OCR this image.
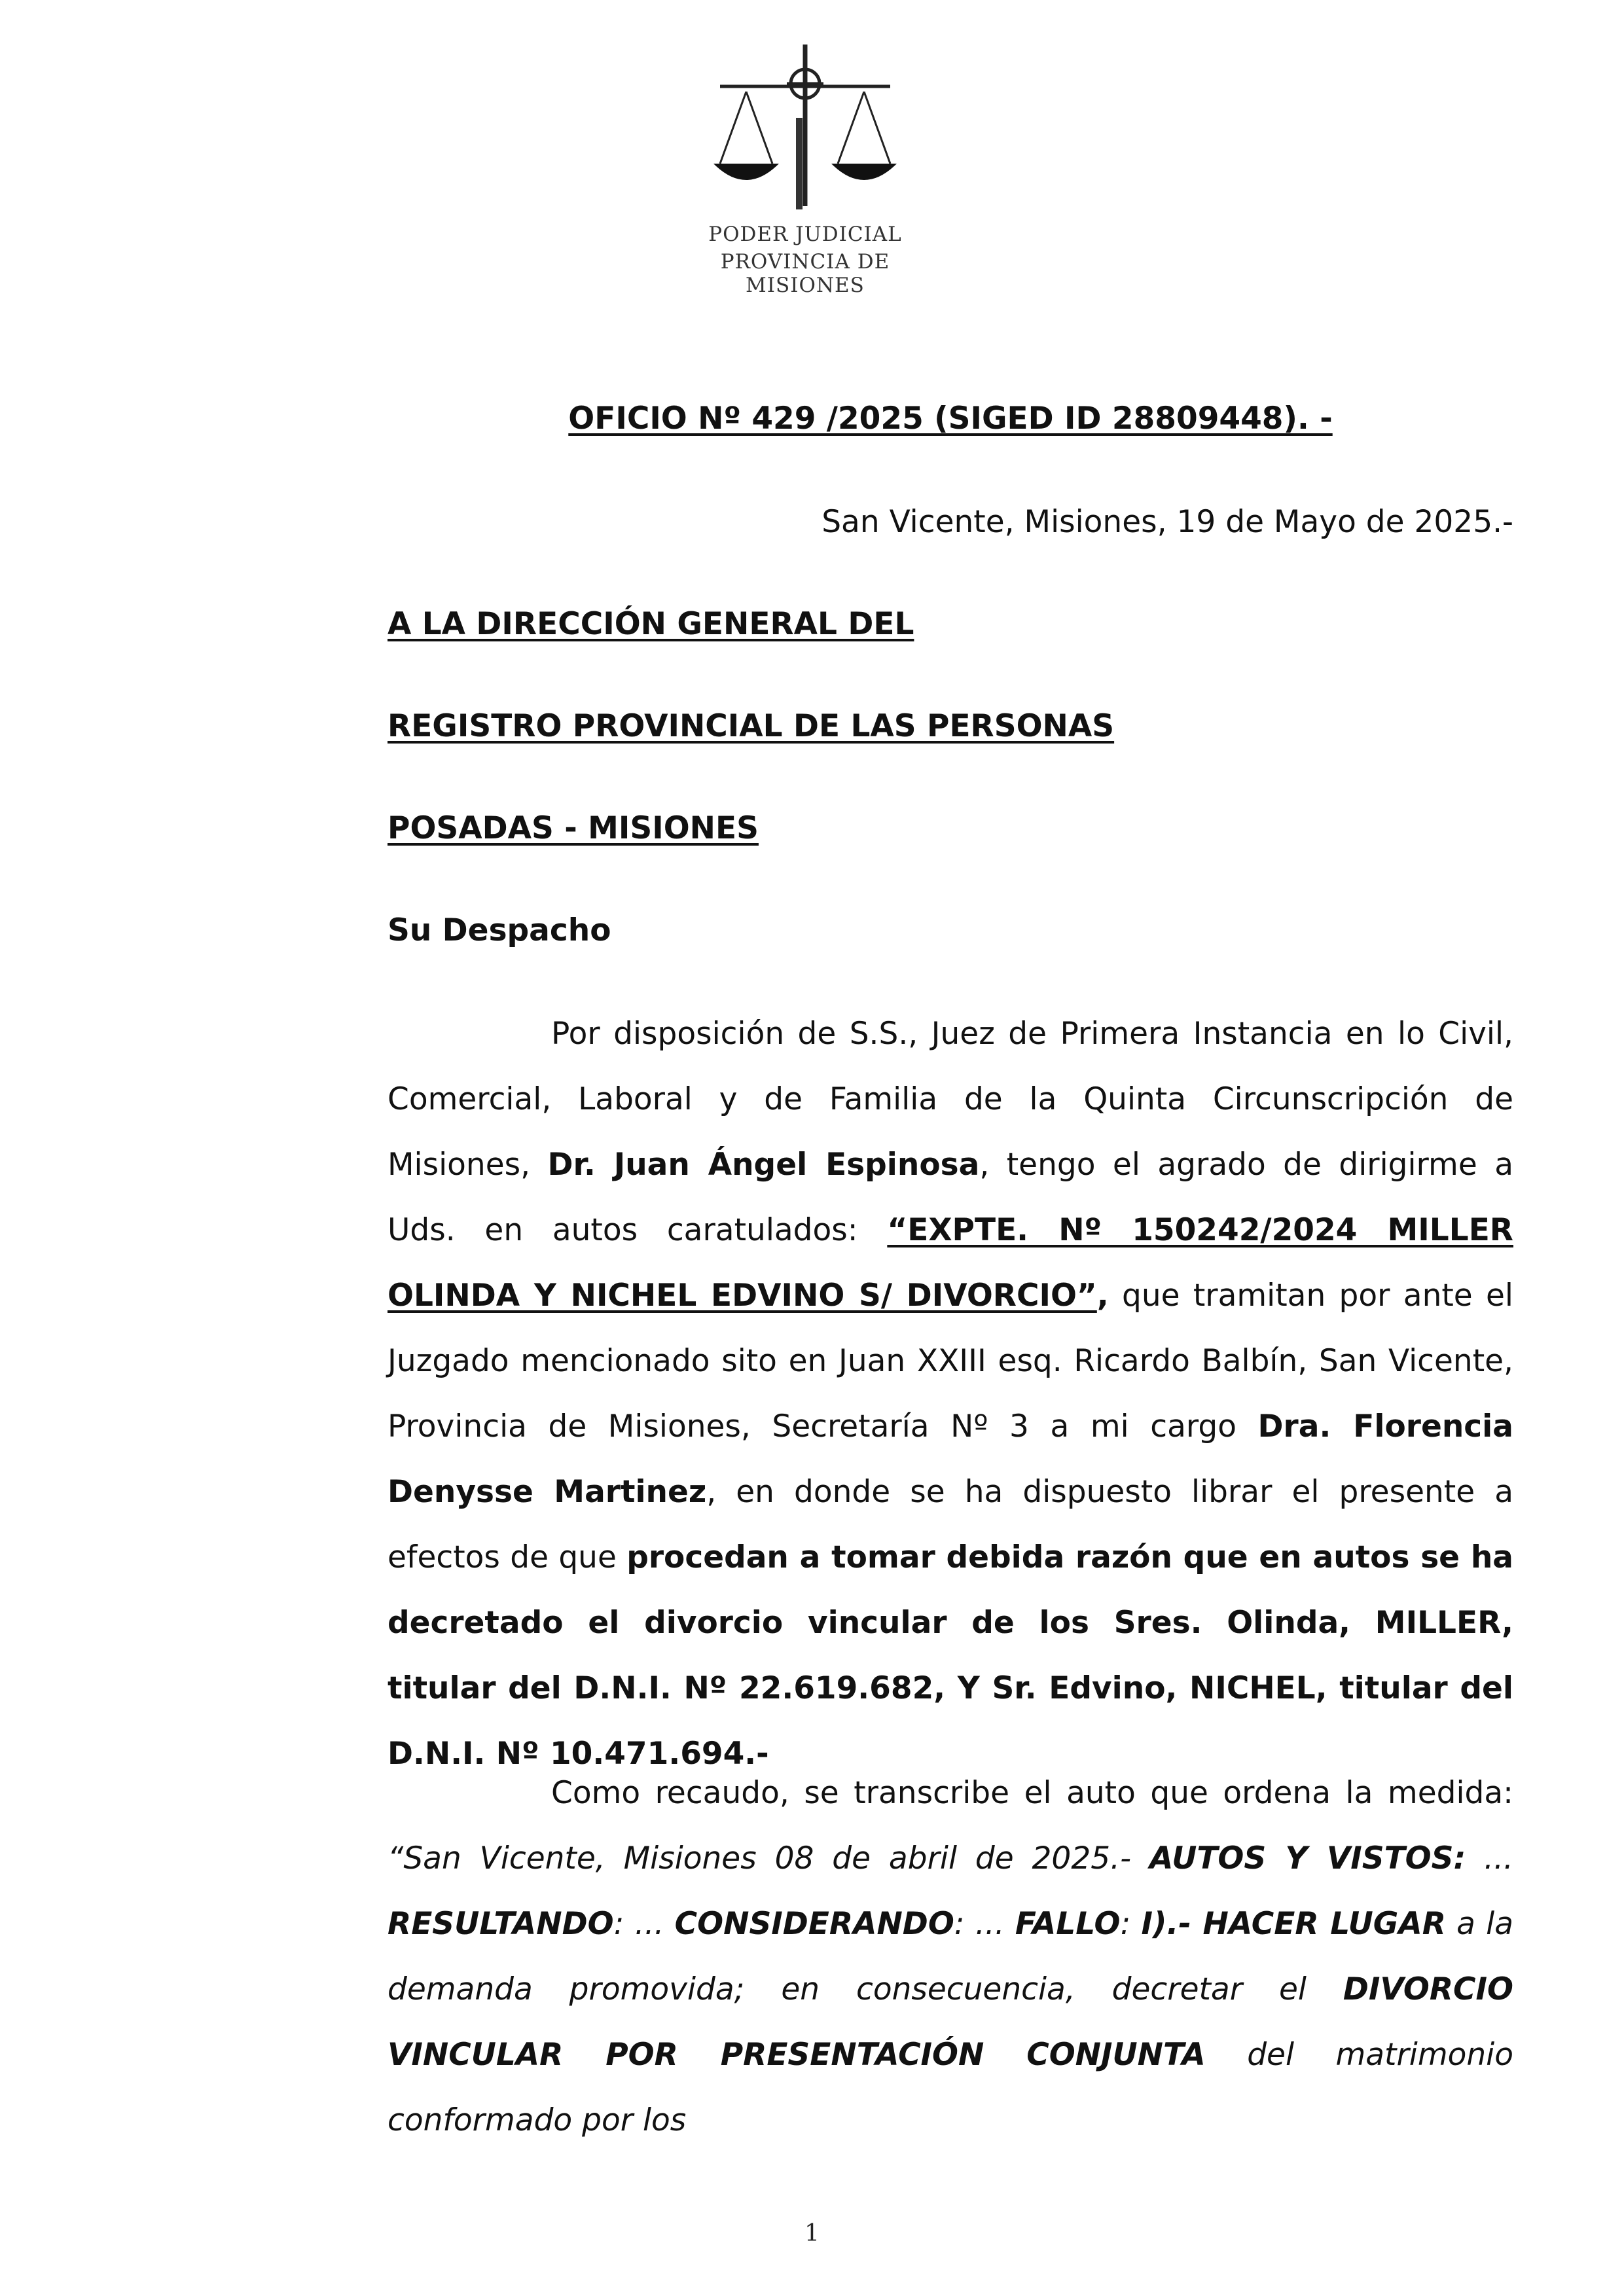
PODER JUDICIAL
PROVINCIA DE MISIONES
OFICIO Nº 429 /2025 (SIGED ID 28809448). -
San Vicente, Misiones, 19 de Mayo de 2025.-
A LA DIRECCIÓN GENERAL DEL
REGISTRO PROVINCIAL DE LAS PERSONAS
POSADAS - MISIONES
Su Despacho

Por disposición de S.S., Juez de Primera Instancia en lo Civil, Comercial, Laboral y de Familia de la Quinta Circunscripción de Misiones, Dr. Juan Ángel Espinosa, tengo el agrado de dirigirme a Uds. en autos caratulados: “EXPTE. Nº 150242/2024 MILLER OLINDA Y NICHEL EDVINO S/ DIVORCIO”, que tramitan por ante el Juzgado mencionado sito en Juan XXIII esq. Ricardo Balbín, San Vicente, Provincia de Misiones, Secretaría Nº 3 a mi cargo Dra. Florencia Denysse Martinez, en donde se ha dispuesto librar el presente a efectos de que procedan a tomar debida razón que en autos se ha decretado el divorcio vincular de los Sres. Olinda, MILLER, titular del D.N.I. Nº 22.619.682, Y Sr. Edvino, NICHEL, titular del D.N.I. Nº 10.471.694.-

Como recaudo, se transcribe el auto que ordena la medida: “San Vicente, Misiones 08 de abril de 2025.- AUTOS Y VISTOS: ... RESULTANDO: ... CONSIDERANDO: ... FALLO: I).- HACER LUGAR a la demanda promovida; en consecuencia, decretar el DIVORCIO VINCULAR POR PRESENTACIÓN CONJUNTA del matrimonio conformado por los

1
